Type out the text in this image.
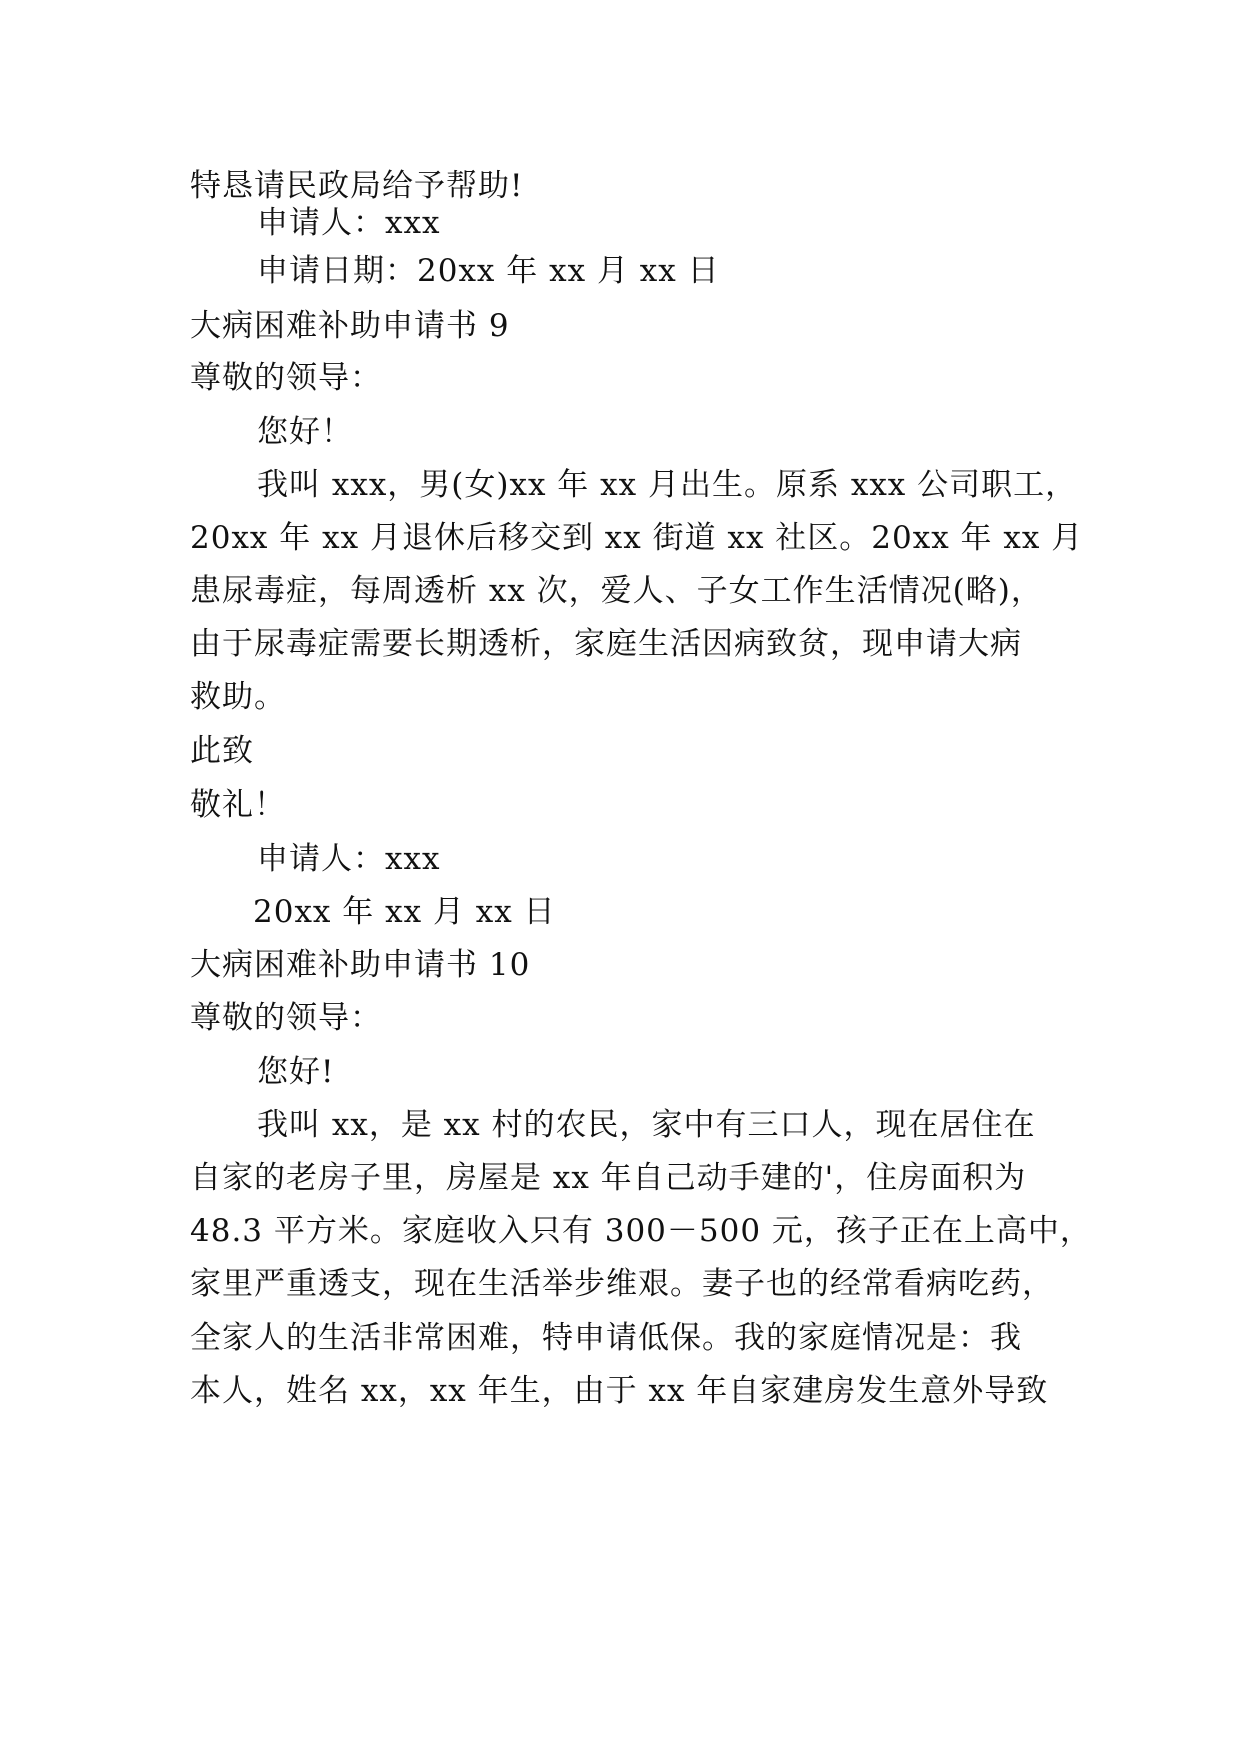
特恳请民政局给予帮助!
申请人：xxx
申请日期：20xx 年 xx 月 xx 日
大病困难补助申请书 9
尊敬的领导：
您好！
我叫 xxx，男(女)xx 年 xx 月出生。原系 xxx 公司职工，
20xx 年 xx 月退休后移交到 xx 街道 xx 社区。20xx 年 xx 月
患尿毒症，每周透析 xx 次，爱人、子女工作生活情况(略)，
由于尿毒症需要长期透析，家庭生活因病致贫，现申请大病
救助。
此致
敬礼！
申请人：xxx
20xx 年 xx 月 xx 日
大病困难补助申请书 10
尊敬的领导：
您好!
我叫 xx，是 xx 村的农民，家中有三口人，现在居住在
自家的老房子里，房屋是 xx 年自己动手建的'，住房面积为
48.3 平方米。家庭收入只有 300－500 元，孩子正在上高中，
家里严重透支，现在生活举步维艰。妻子也的经常看病吃药，
全家人的生活非常困难，特申请低保。我的家庭情况是：我
本人，姓名 xx，xx 年生，由于 xx 年自家建房发生意外导致
